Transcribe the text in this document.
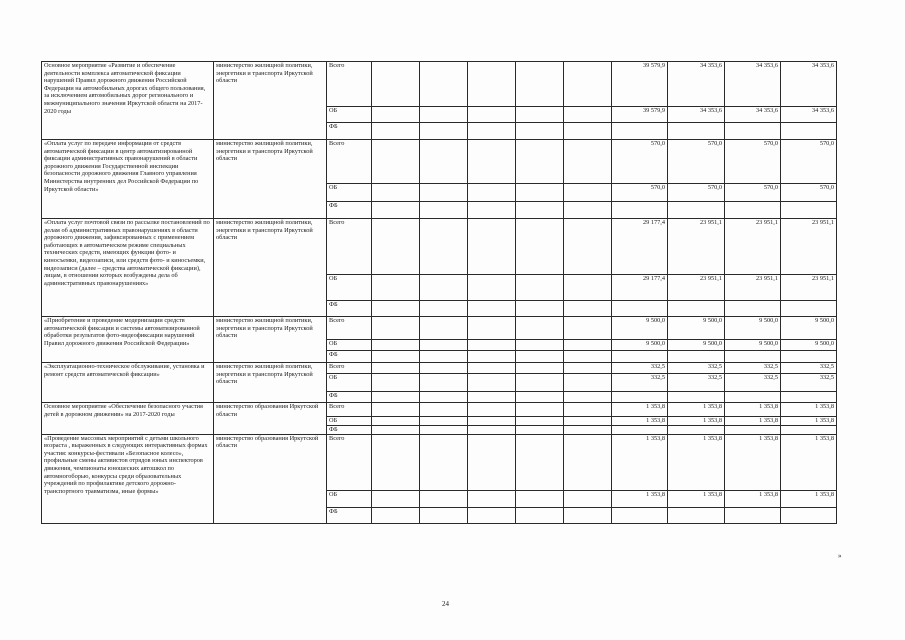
Основное мероприятие «Развитие и обеспечение деятельности комплекса автоматической фиксации нарушений Правил дорожного движения Российской Федерации на автомобильных дорогах общего пользования, за исключением автомобильных дорог регионального и межмуниципального значения Иркутской области на 2017-2020 годы	министерство жилищной политики, энергетики и транспорта Иркутской области	Всего						39 579,9	34 353,6	34 353,6	34 353,6
		ОБ						39 579,9	34 353,6	34 353,6	34 353,6
		ФБ									
«Оплата услуг по передаче информации от средств автоматической фиксации в центр автоматизированной фиксации административных правонарушений в области дорожного движения Государственной инспекции безопасности дорожного движения Главного управления Министерства внутренних дел Российской Федерации по Иркутской области»	министерство жилищной политики, энергетики и транспорта Иркутской области	Всего						570,0	570,0	570,0	570,0
		ОБ						570,0	570,0	570,0	570,0
		ФБ									
«Оплата услуг почтовой связи по рассылке постановлений по делам об административных правонарушениях в области дорожного движения, зафиксированных с применением работающих в автоматическом режиме специальных технических средств, имеющих функции фото- и киносъемки, видеозаписи, или средств фото- и киносъемки, видеозаписи (далее – средства автоматической фиксации), лицам, в отношении которых возбуждены дела об административных правонарушениях»	министерство жилищной политики, энергетики и транспорта Иркутской области	Всего						29 177,4	23 951,1	23 951,1	23 951,1
		ОБ						29 177,4	23 951,1	23 951,1	23 951,1
		ФБ									
«Приобретение и проведение модернизации средств автоматической фиксации и системы автоматизированной обработки результатов фото-видеофиксации нарушений Правил дорожного движения Российской Федерации»	министерство жилищной политики, энергетики и транспорта Иркутской области	Всего						9 500,0	9 500,0	9 500,0	9 500,0
		ОБ						9 500,0	9 500,0	9 500,0	9 500,0
		ФБ									
«Эксплуатационно-техническое обслуживание, установка и ремонт средств автоматической фиксации»	министерство жилищной политики, энергетики и транспорта Иркутской области	Всего						332,5	332,5	332,5	332,5
		ОБ						332,5	332,5	332,5	332,5
		ФБ									
Основное мероприятие «Обеспечение безопасного участия детей в дорожном движении» на 2017-2020 годы	министерство образования Иркутской области	Всего						1 353,8	1 353,8	1 353,8	1 353,8
		ОБ						1 353,8	1 353,8	1 353,8	1 353,8
		ФБ									
«Проведение массовых мероприятий с детьми школьного возраста , выраженных в следующих интерактивных формах участия: конкурсы-фестивали «Безопасное колесо», профильные смены активистов отрядов юных инспекторов движения, чемпионаты юношеских автошкол по автомногоборью, конкурсы среди образовательных учреждений по профилактике детского дорожно-транспортного травматизма, иные формы»	министерство образования Иркутской области	Всего						1 353,8	1 353,8	1 353,8	1 353,8
		ОБ						1 353,8	1 353,8	1 353,8	1 353,8
		ФБ									
24
»
